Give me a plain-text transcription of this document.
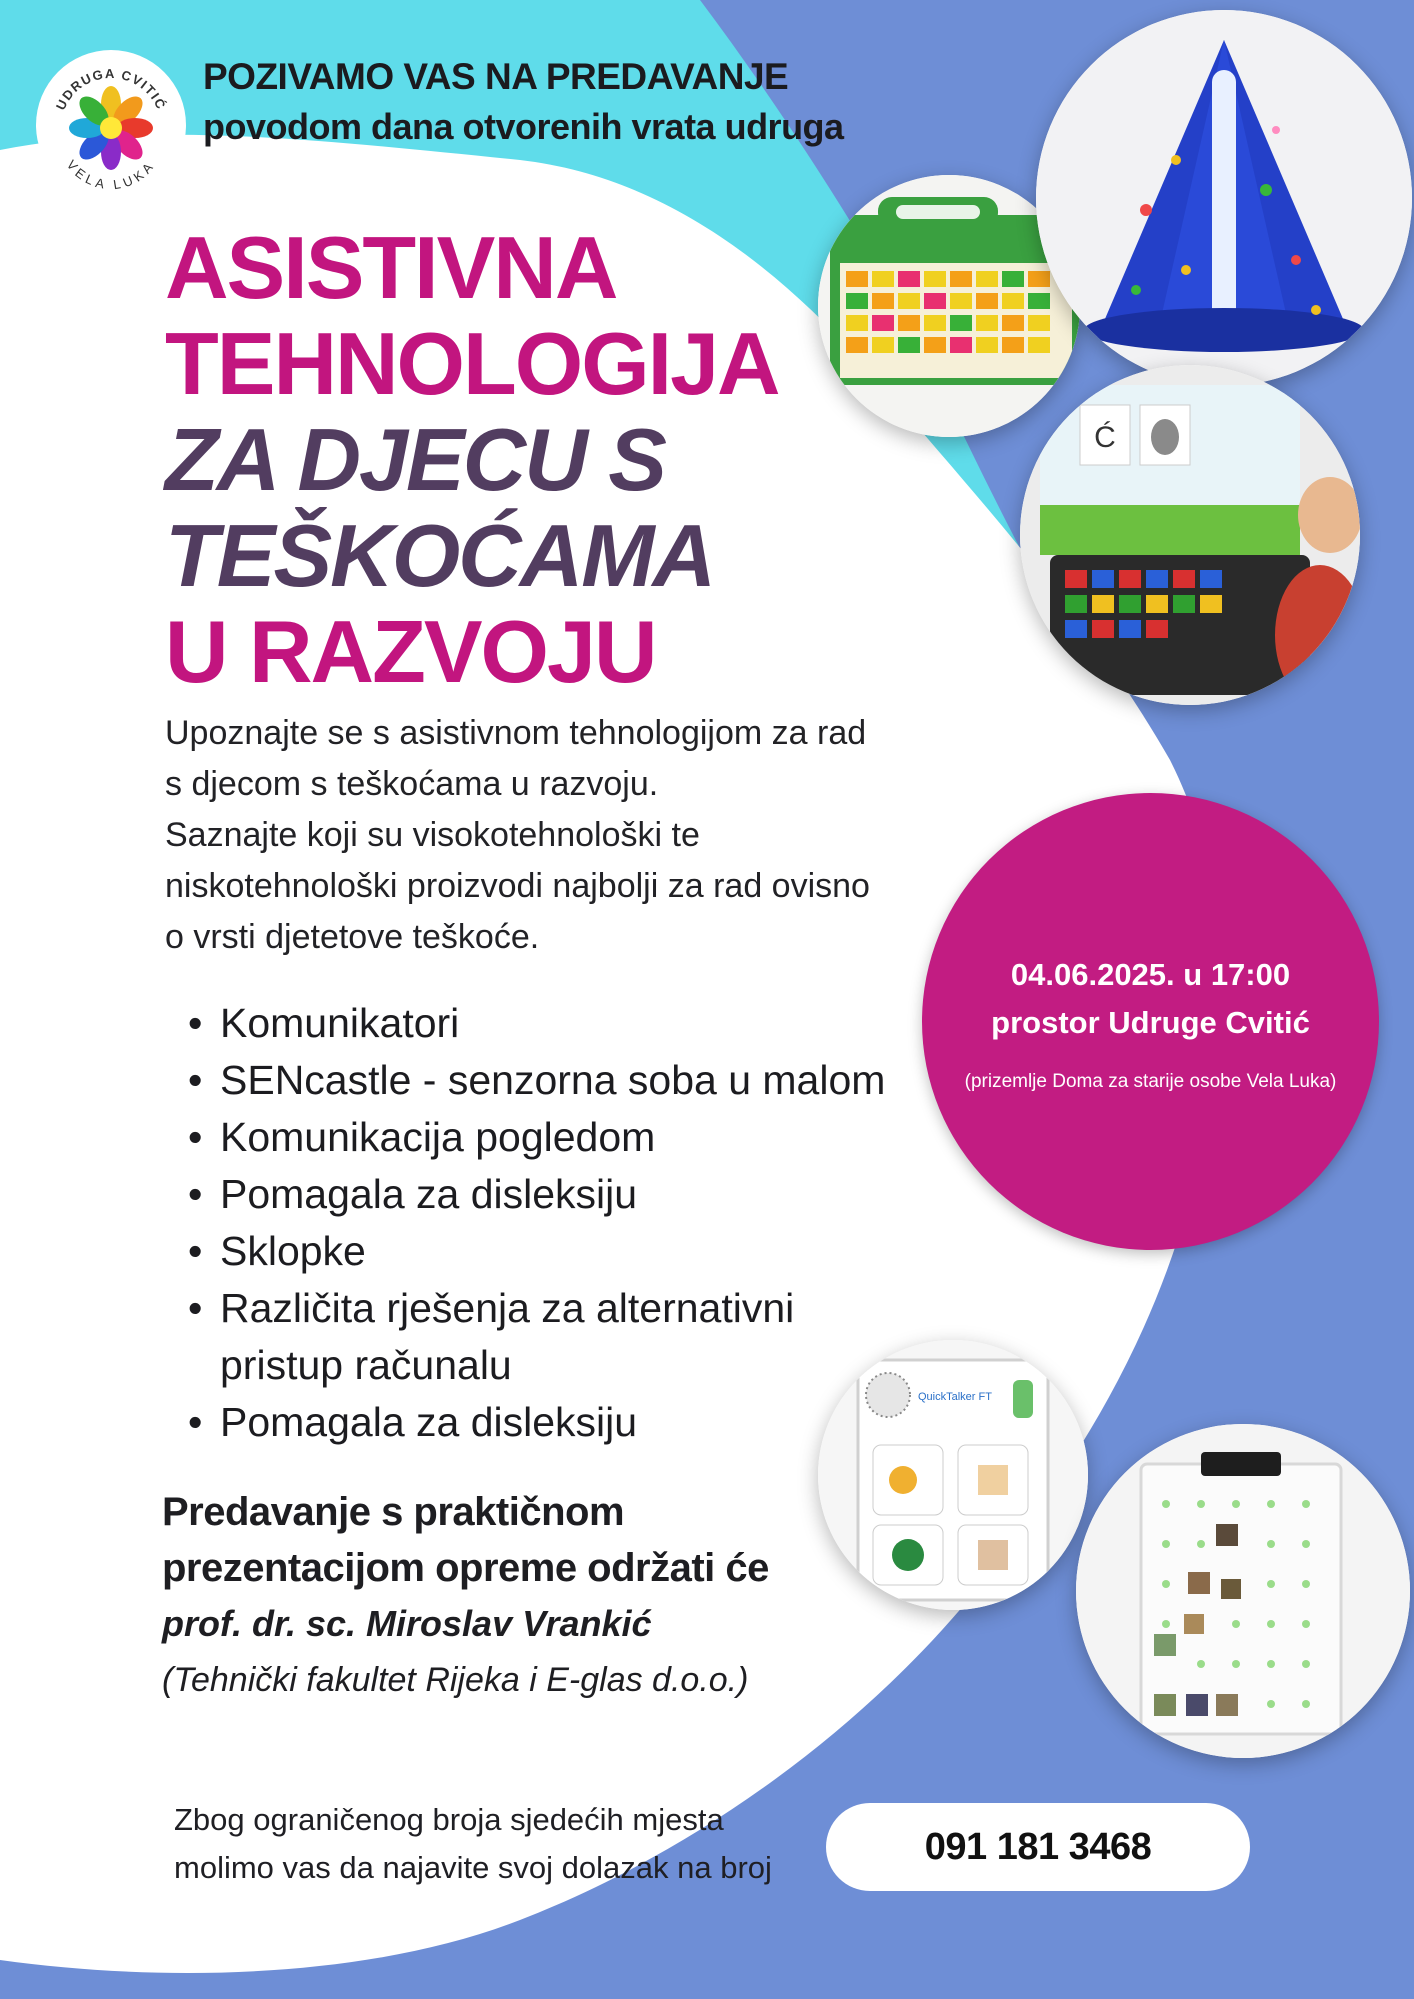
UDRUGA CVITIĆ
VELA LUKA
POZIVAMO VAS NA PREDAVANJE
povodom dana otvorenih vrata udruga
ASISTIVNA
TEHNOLOGIJA
ZA DJECU S
TEŠKOĆAMA
U RAZVOJU
Upoznajte se s asistivnom tehnologijom za rad
s djecom s teškoćama u razvoju.
Saznajte koji su visokotehnološki te
niskotehnološki proizvodi najbolji za rad ovisno
o vrsti djetetove teškoće.
• Komunikatori
• SENcastle - senzorna soba u malom
• Komunikacija pogledom
• Pomagala za disleksiju
• Sklopke
• Različita rješenja za alternativni
pristup računalu
• Pomagala za disleksiju
Predavanje s praktičnom
prezentacijom opreme održati će
prof. dr. sc. Miroslav Vrankić
(Tehnički fakultet Rijeka i E-glas d.o.o.)
Zbog ograničenog broja sjedećih mjesta
molimo vas da najavite svoj dolazak na broj	091 181 3468
04.06.2025. u 17:00
prostor Udruge Cvitić
(prizemlje Doma za starije osobe Vela Luka)
Ć
QuickTalker FT
